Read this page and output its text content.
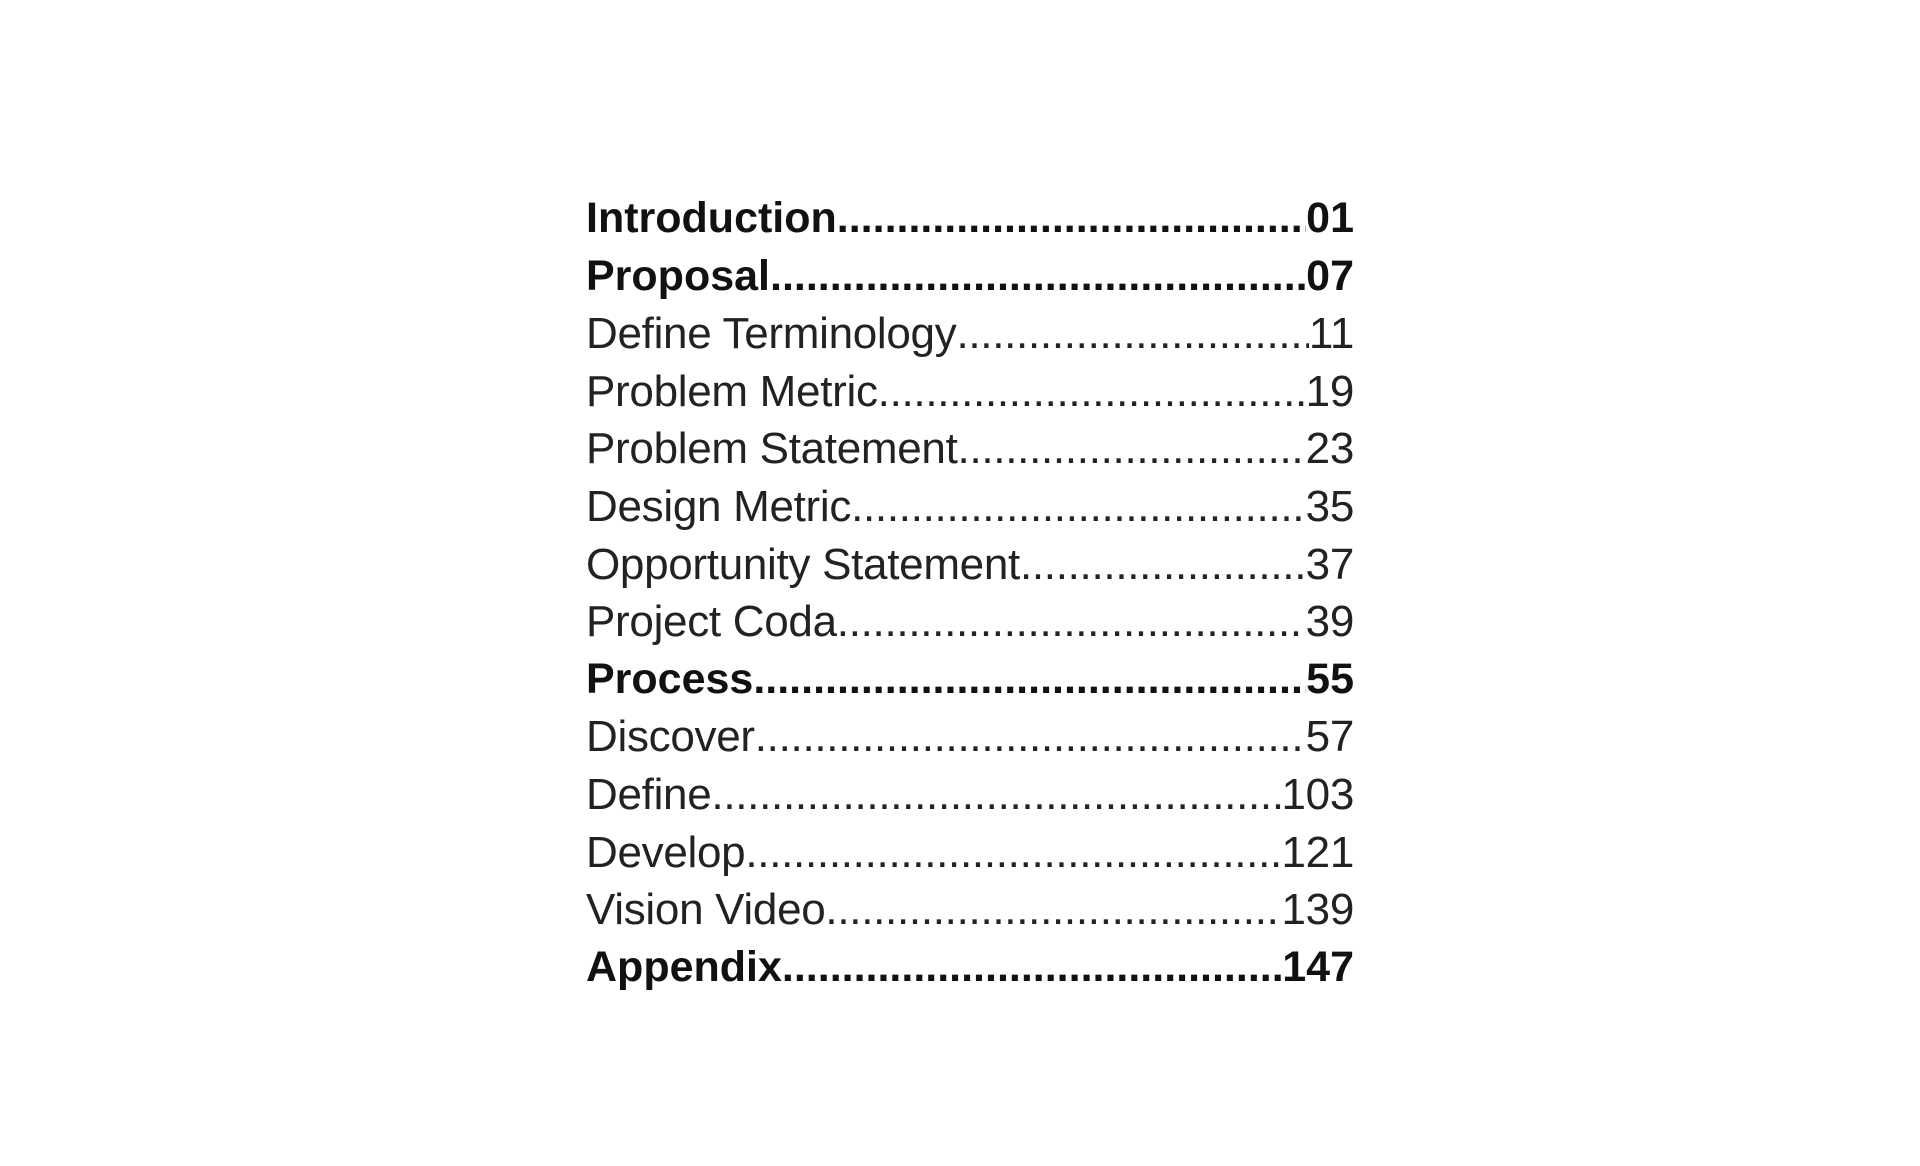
Introduction .....	01
Proposal .....	07
Define Terminology .....	11
Problem Metric .....	19
Problem Statement .....	23
Design Metric .....	35
Opportunity Statement .....	37
Project Coda .....	39
Process .....	55
Discover .....	57
Define .....	103
Develop .....	121
Vision Video .....	139
Appendix .....	147
